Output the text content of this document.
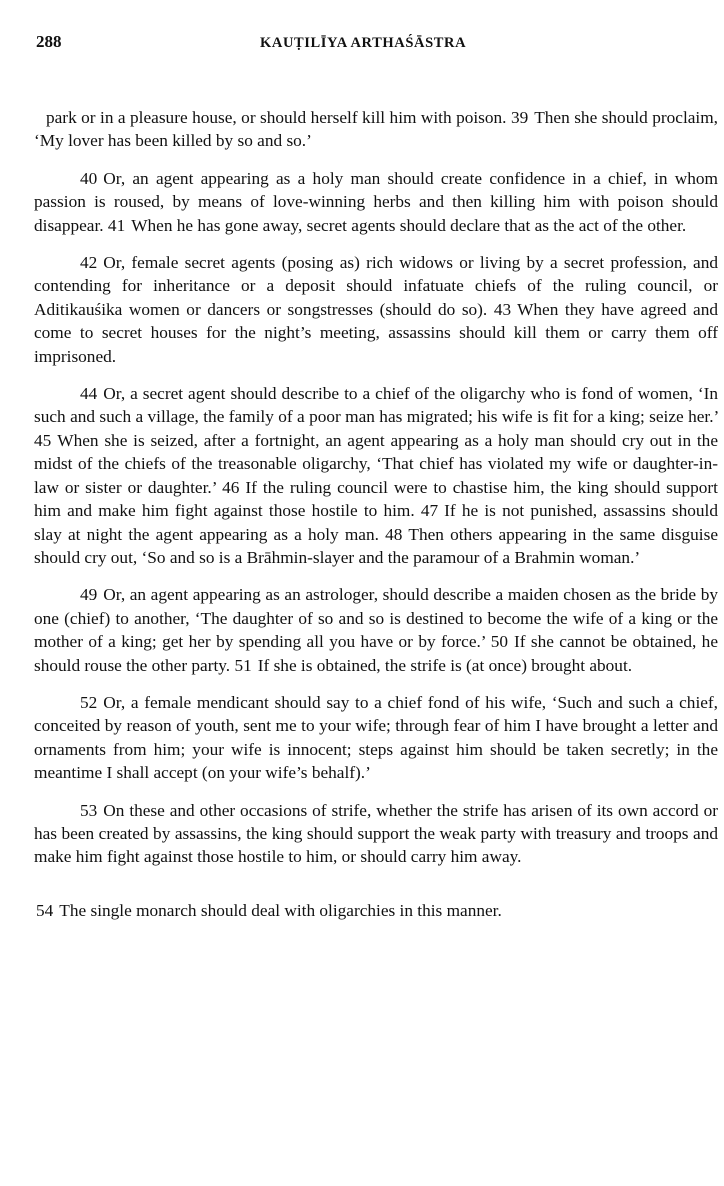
288	KAUṬILĪYA ARTHAŚĀSTRA

park or in a pleasure house, or should herself kill him with poison. 39 Then she should proclaim, ‘My lover has been killed by so and so.’

40 Or, an agent appearing as a holy man should create confidence in a chief, in whom passion is roused, by means of love-winning herbs and then killing him with poison should disappear. 41 When he has gone away, secret agents should declare that as the act of the other.

42 Or, female secret agents (posing as) rich widows or living by a secret profession, and contending for inheritance or a deposit should infatuate chiefs of the ruling council, or Aditikauśika women or dancers or songstresses (should do so). 43 When they have agreed and come to secret houses for the night’s meeting, assassins should kill them or carry them off imprisoned.

44 Or, a secret agent should describe to a chief of the oligarchy who is fond of women, ‘In such and such a village, the family of a poor man has migrated; his wife is fit for a king; seize her.’ 45 When she is seized, after a fortnight, an agent appearing as a holy man should cry out in the midst of the chiefs of the treasonable oligarchy, ‘That chief has violated my wife or daughter-in-law or sister or daughter.’ 46 If the ruling council were to chastise him, the king should support him and make him fight against those hostile to him. 47 If he is not punished, assassins should slay at night the agent appearing as a holy man. 48 Then others appearing in the same disguise should cry out, ‘So and so is a Brāhmin-slayer and the paramour of a Brahmin woman.’

49 Or, an agent appearing as an astrologer, should describe a maiden chosen as the bride by one (chief) to another, ‘The daughter of so and so is destined to become the wife of a king or the mother of a king; get her by spending all you have or by force.’ 50 If she cannot be obtained, he should rouse the other party. 51 If she is obtained, the strife is (at once) brought about.

52 Or, a female mendicant should say to a chief fond of his wife, ‘Such and such a chief, conceited by reason of youth, sent me to your wife; through fear of him I have brought a letter and ornaments from him; your wife is innocent; steps against him should be taken secretly; in the meantime I shall accept (on your wife’s behalf).’

53 On these and other occasions of strife, whether the strife has arisen of its own accord or has been created by assassins, the king should support the weak party with treasury and troops and make him fight against those hostile to him, or should carry him away.

54 The single monarch should deal with oligarchies in this manner.
